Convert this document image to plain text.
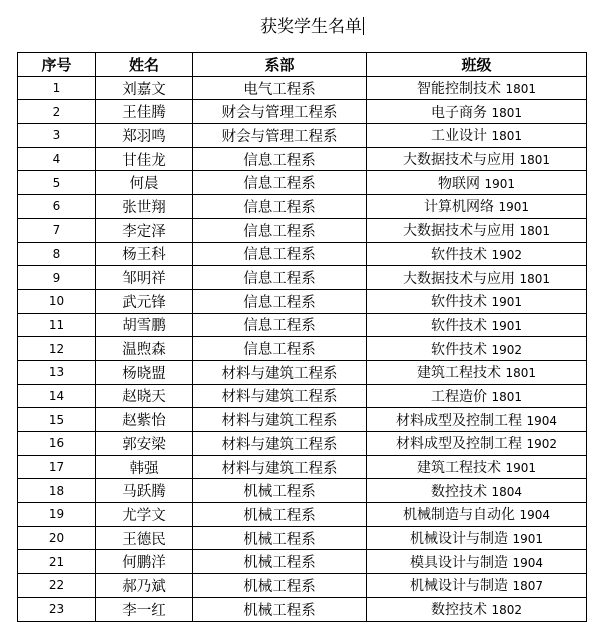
获奖学生名单
序号	姓名	系部	班级
1	刘嘉文	电气工程系	智能控制技术 1801
2	王佳腾	财会与管理工程系	电子商务 1801
3	郑羽鸣	财会与管理工程系	工业设计 1801
4	甘佳龙	信息工程系	大数据技术与应用 1801
5	何晨	信息工程系	物联网 1901
6	张世翔	信息工程系	计算机网络 1901
7	李定泽	信息工程系	大数据技术与应用 1801
8	杨王科	信息工程系	软件技术 1902
9	邹明祥	信息工程系	大数据技术与应用 1801
10	武元锋	信息工程系	软件技术 1901
11	胡雪鹏	信息工程系	软件技术 1901
12	温煦森	信息工程系	软件技术 1902
13	杨晓盟	材料与建筑工程系	建筑工程技术 1801
14	赵晓天	材料与建筑工程系	工程造价 1801
15	赵紫怡	材料与建筑工程系	材料成型及控制工程 1904
16	郭安梁	材料与建筑工程系	材料成型及控制工程 1902
17	韩强	材料与建筑工程系	建筑工程技术 1901
18	马跃腾	机械工程系	数控技术 1804
19	尤学文	机械工程系	机械制造与自动化 1904
20	王德民	机械工程系	机械设计与制造 1901
21	何鹏洋	机械工程系	模具设计与制造 1904
22	郝乃斌	机械工程系	机械设计与制造 1807
23	李一红	机械工程系	数控技术 1802
